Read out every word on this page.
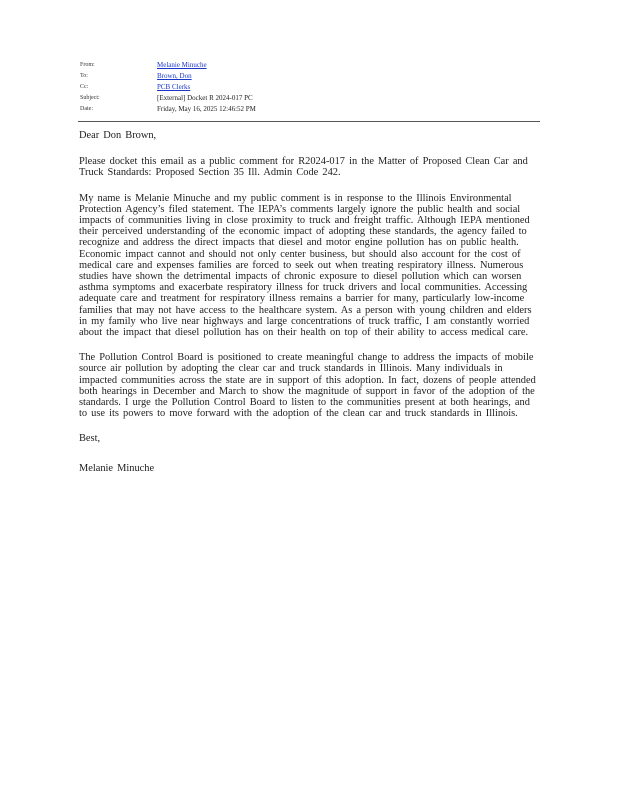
From:	Melanie Minuche
To:	Brown, Don
Cc:	PCB Clerks
Subject:	[External] Docket R 2024-017 PC
Date:	Friday, May 16, 2025 12:46:52 PM

Dear Don Brown,

Please docket this email as a public comment for R2024-017 in the Matter of Proposed Clean Car and Truck Standards: Proposed Section 35 Ill. Admin Code 242.

My name is Melanie Minuche and my public comment is in response to the Illinois Environmental Protection Agency’s filed statement. The IEPA’s comments largely ignore the public health and social impacts of communities living in close proximity to truck and freight traffic. Although IEPA mentioned their perceived understanding of the economic impact of adopting these standards, the agency failed to recognize and address the direct impacts that diesel and motor engine pollution has on public health. Economic impact cannot and should not only center business, but should also account for the cost of medical care and expenses families are forced to seek out when treating respiratory illness. Numerous studies have shown the detrimental impacts of chronic exposure to diesel pollution which can worsen asthma symptoms and exacerbate respiratory illness for truck drivers and local communities. Accessing adequate care and treatment for respiratory illness remains a barrier for many, particularly low-income families that may not have access to the healthcare system. As a person with young children and elders in my family who live near highways and large concentrations of truck traffic, I am constantly worried about the impact that diesel pollution has on their health on top of their ability to access medical care.

The Pollution Control Board is positioned to create meaningful change to address the impacts of mobile source air pollution by adopting the clear car and truck standards in Illinois. Many individuals in impacted communities across the state are in support of this adoption. In fact, dozens of people attended both hearings in December and March to show the magnitude of support in favor of the adoption of the standards. I urge the Pollution Control Board to listen to the communities present at both hearings, and to use its powers to move forward with the adoption of the clean car and truck standards in Illinois.

Best,

Melanie Minuche
